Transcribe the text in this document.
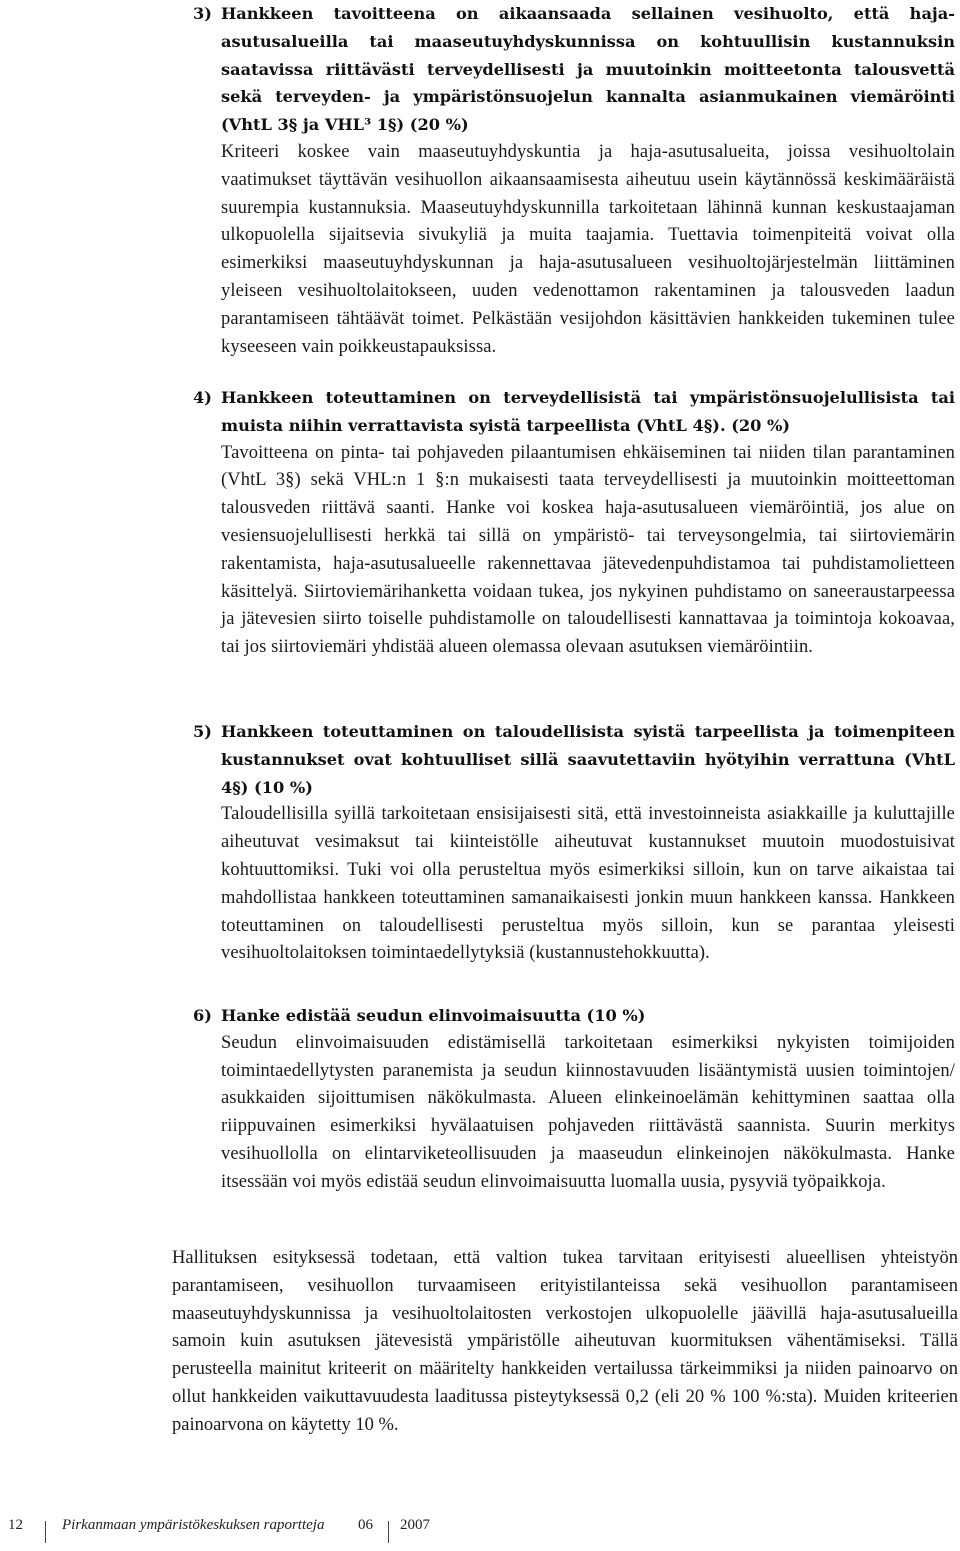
3) Hankkeen tavoitteena on aikaansaada sellainen vesihuolto, että haja-asutusalueilla tai maaseutuyhdyskunnissa on kohtuullisin kustannuksin saatavissa riittävästi terveydellisesti ja muutoinkin moitteetonta talousvettä sekä terveyden- ja ympäristönsuojelun kannalta asianmukainen viemäröinti (VhtL 3§ ja VHL³ 1§) (20 %)
Kriteeri koskee vain maaseutuyhdyskuntia ja haja-asutusalueita, joissa vesihuoltolain vaatimukset täyttävän vesihuollon aikaansaamisesta aiheutuu usein käytännössä keskimääräistä suurempia kustannuksia. Maaseutuyhdyskunnilla tarkoitetaan lähinnä kunnan keskustaajaman ulkopuolella sijaitsevia sivukyliä ja muita taajamia. Tuettavia toimenpiteitä voivat olla esimerkiksi maaseutuyhdyskunnan ja haja-asutusalueen vesihuoltojärjestelmän liittäminen yleiseen vesihuoltolaitokseen, uuden vedenottamon rakentaminen ja talousveden laadun parantamiseen tähtäävät toimet. Pelkästään vesijohdon käsittävien hankkeiden tukeminen tulee kyseeseen vain poikkeustapauksissa.
4) Hankkeen toteuttaminen on terveydellisistä tai ympäristönsuojelullisista tai muista niihin verrattavista syistä tarpeellista (VhtL 4§). (20 %)
Tavoitteena on pinta- tai pohjaveden pilaantumisen ehkäiseminen tai niiden tilan parantaminen (VhtL 3§) sekä VHL:n 1 §:n mukaisesti taata terveydellisesti ja muutoinkin moitteettoman talousveden riittävä saanti. Hanke voi koskea haja-asutusalueen viemäröintiä, jos alue on vesiensuojelullisesti herkkä tai sillä on ympäristö- tai terveysongelmia, tai siirtoviemärin rakentamista, haja-asutusalueelle rakennettavaa jätevedenpuhdistamoa tai puhdistamolietteen käsittelyä. Siirtoviemärihanketta voidaan tukea, jos nykyinen puhdistamo on saneeraustarpeessa ja jätevesien siirto toiselle puhdistamolle on taloudellisesti kannattavaa ja toimintoja kokoavaa, tai jos siirtoviemäri yhdistää alueen olemassa olevaan asutuksen viemäröintiin.
5) Hankkeen toteuttaminen on taloudellisista syistä tarpeellista ja toimenpiteen kustannukset ovat kohtuulliset sillä saavutettaviin hyötyihin verrattuna (VhtL 4§) (10 %)
Taloudellisilla syillä tarkoitetaan ensisijaisesti sitä, että investoinneista asiakkaille ja kuluttajille aiheutuvat vesimaksut tai kiinteistölle aiheutuvat kustannukset muutoin muodostuisivat kohtuuttomiksi. Tuki voi olla perusteltua myös esimerkiksi silloin, kun on tarve aikaistaa tai mahdollistaa hankkeen toteuttaminen samanaikaisesti jonkin muun hankkeen kanssa. Hankkeen toteuttaminen on taloudellisesti perusteltua myös silloin, kun se parantaa yleisesti vesihuoltolaitoksen toimintaedellytyksiä (kustannustehokkuutta).
6) Hanke edistää seudun elinvoimaisuutta (10 %)
Seudun elinvoimaisuuden edistämisellä tarkoitetaan esimerkiksi nykyisten toimijoiden toimintaedellytysten paranemista ja seudun kiinnostavuuden lisääntymistä uusien toimintojen/ asukkaiden sijoittumisen näkökulmasta. Alueen elinkeinoelämän kehittyminen saattaa olla riippuvainen esimerkiksi hyvälaatuisen pohjaveden riittävästä saannista. Suurin merkitys vesihuollolla on elintarviketeollisuuden ja maaseudun elinkeinojen näkökulmasta. Hanke itsessään voi myös edistää seudun elinvoimaisuutta luomalla uusia, pysyviä työpaikkoja.
Hallituksen esityksessä todetaan, että valtion tukea tarvitaan erityisesti alueellisen yhteistyön parantamiseen, vesihuollon turvaamiseen erityistilanteissa sekä vesihuollon parantamiseen maaseutuyhdyskunnissa ja vesihuoltolaitosten verkostojen ulkopuolelle jäävillä haja-asutusalueilla samoin kuin asutuksen jätevesistä ympäristölle aiheutuvan kuormituksen vähentämiseksi. Tällä perusteella mainitut kriteerit on määritelty hankkeiden vertailussa tärkeimmiksi ja niiden painoarvo on ollut hankkeiden vaikuttavuudesta laaditussa pisteytyksessä 0,2 (eli 20 % 100 %:sta). Muiden kriteerien painoarvona on käytetty 10 %.
12	Pirkanmaan ympäristökeskuksen raportteja 06 2007
